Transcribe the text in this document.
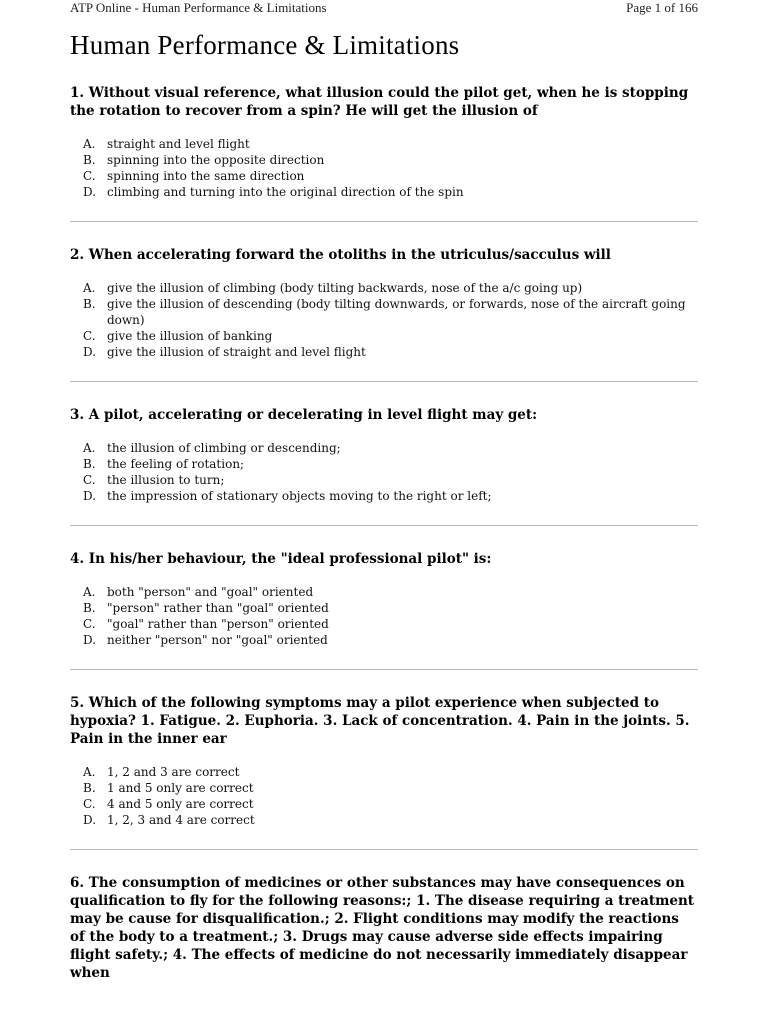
ATP Online - Human Performance & Limitations	Page 1 of 166
Human Performance & Limitations

1. Without visual reference, what illusion could the pilot get, when he is stopping the rotation to recover from a spin? He will get the illusion of

A. straight and level flight
B. spinning into the opposite direction
C. spinning into the same direction
D. climbing and turning into the original direction of the spin

2. When accelerating forward the otoliths in the utriculus/sacculus will

A. give the illusion of climbing (body tilting backwards, nose of the a/c going up)
B. give the illusion of descending (body tilting downwards, or forwards, nose of the aircraft going down)
C. give the illusion of banking
D. give the illusion of straight and level flight

3. A pilot, accelerating or decelerating in level flight may get:

A. the illusion of climbing or descending;
B. the feeling of rotation;
C. the illusion to turn;
D. the impression of stationary objects moving to the right or left;

4. In his/her behaviour, the "ideal professional pilot" is:

A. both "person" and "goal" oriented
B. "person" rather than "goal" oriented
C. "goal" rather than "person" oriented
D. neither "person" nor "goal" oriented

5. Which of the following symptoms may a pilot experience when subjected to hypoxia? 1. Fatigue. 2. Euphoria. 3. Lack of concentration. 4. Pain in the joints. 5. Pain in the inner ear

A. 1, 2 and 3 are correct
B. 1 and 5 only are correct
C. 4 and 5 only are correct
D. 1, 2, 3 and 4 are correct

6. The consumption of medicines or other substances may have consequences on qualification to fly for the following reasons:; 1. The disease requiring a treatment may be cause for disqualification.; 2. Flight conditions may modify the reactions of the body to a treatment.; 3. Drugs may cause adverse side effects impairing flight safety.; 4. The effects of medicine do not necessarily immediately disappear when
